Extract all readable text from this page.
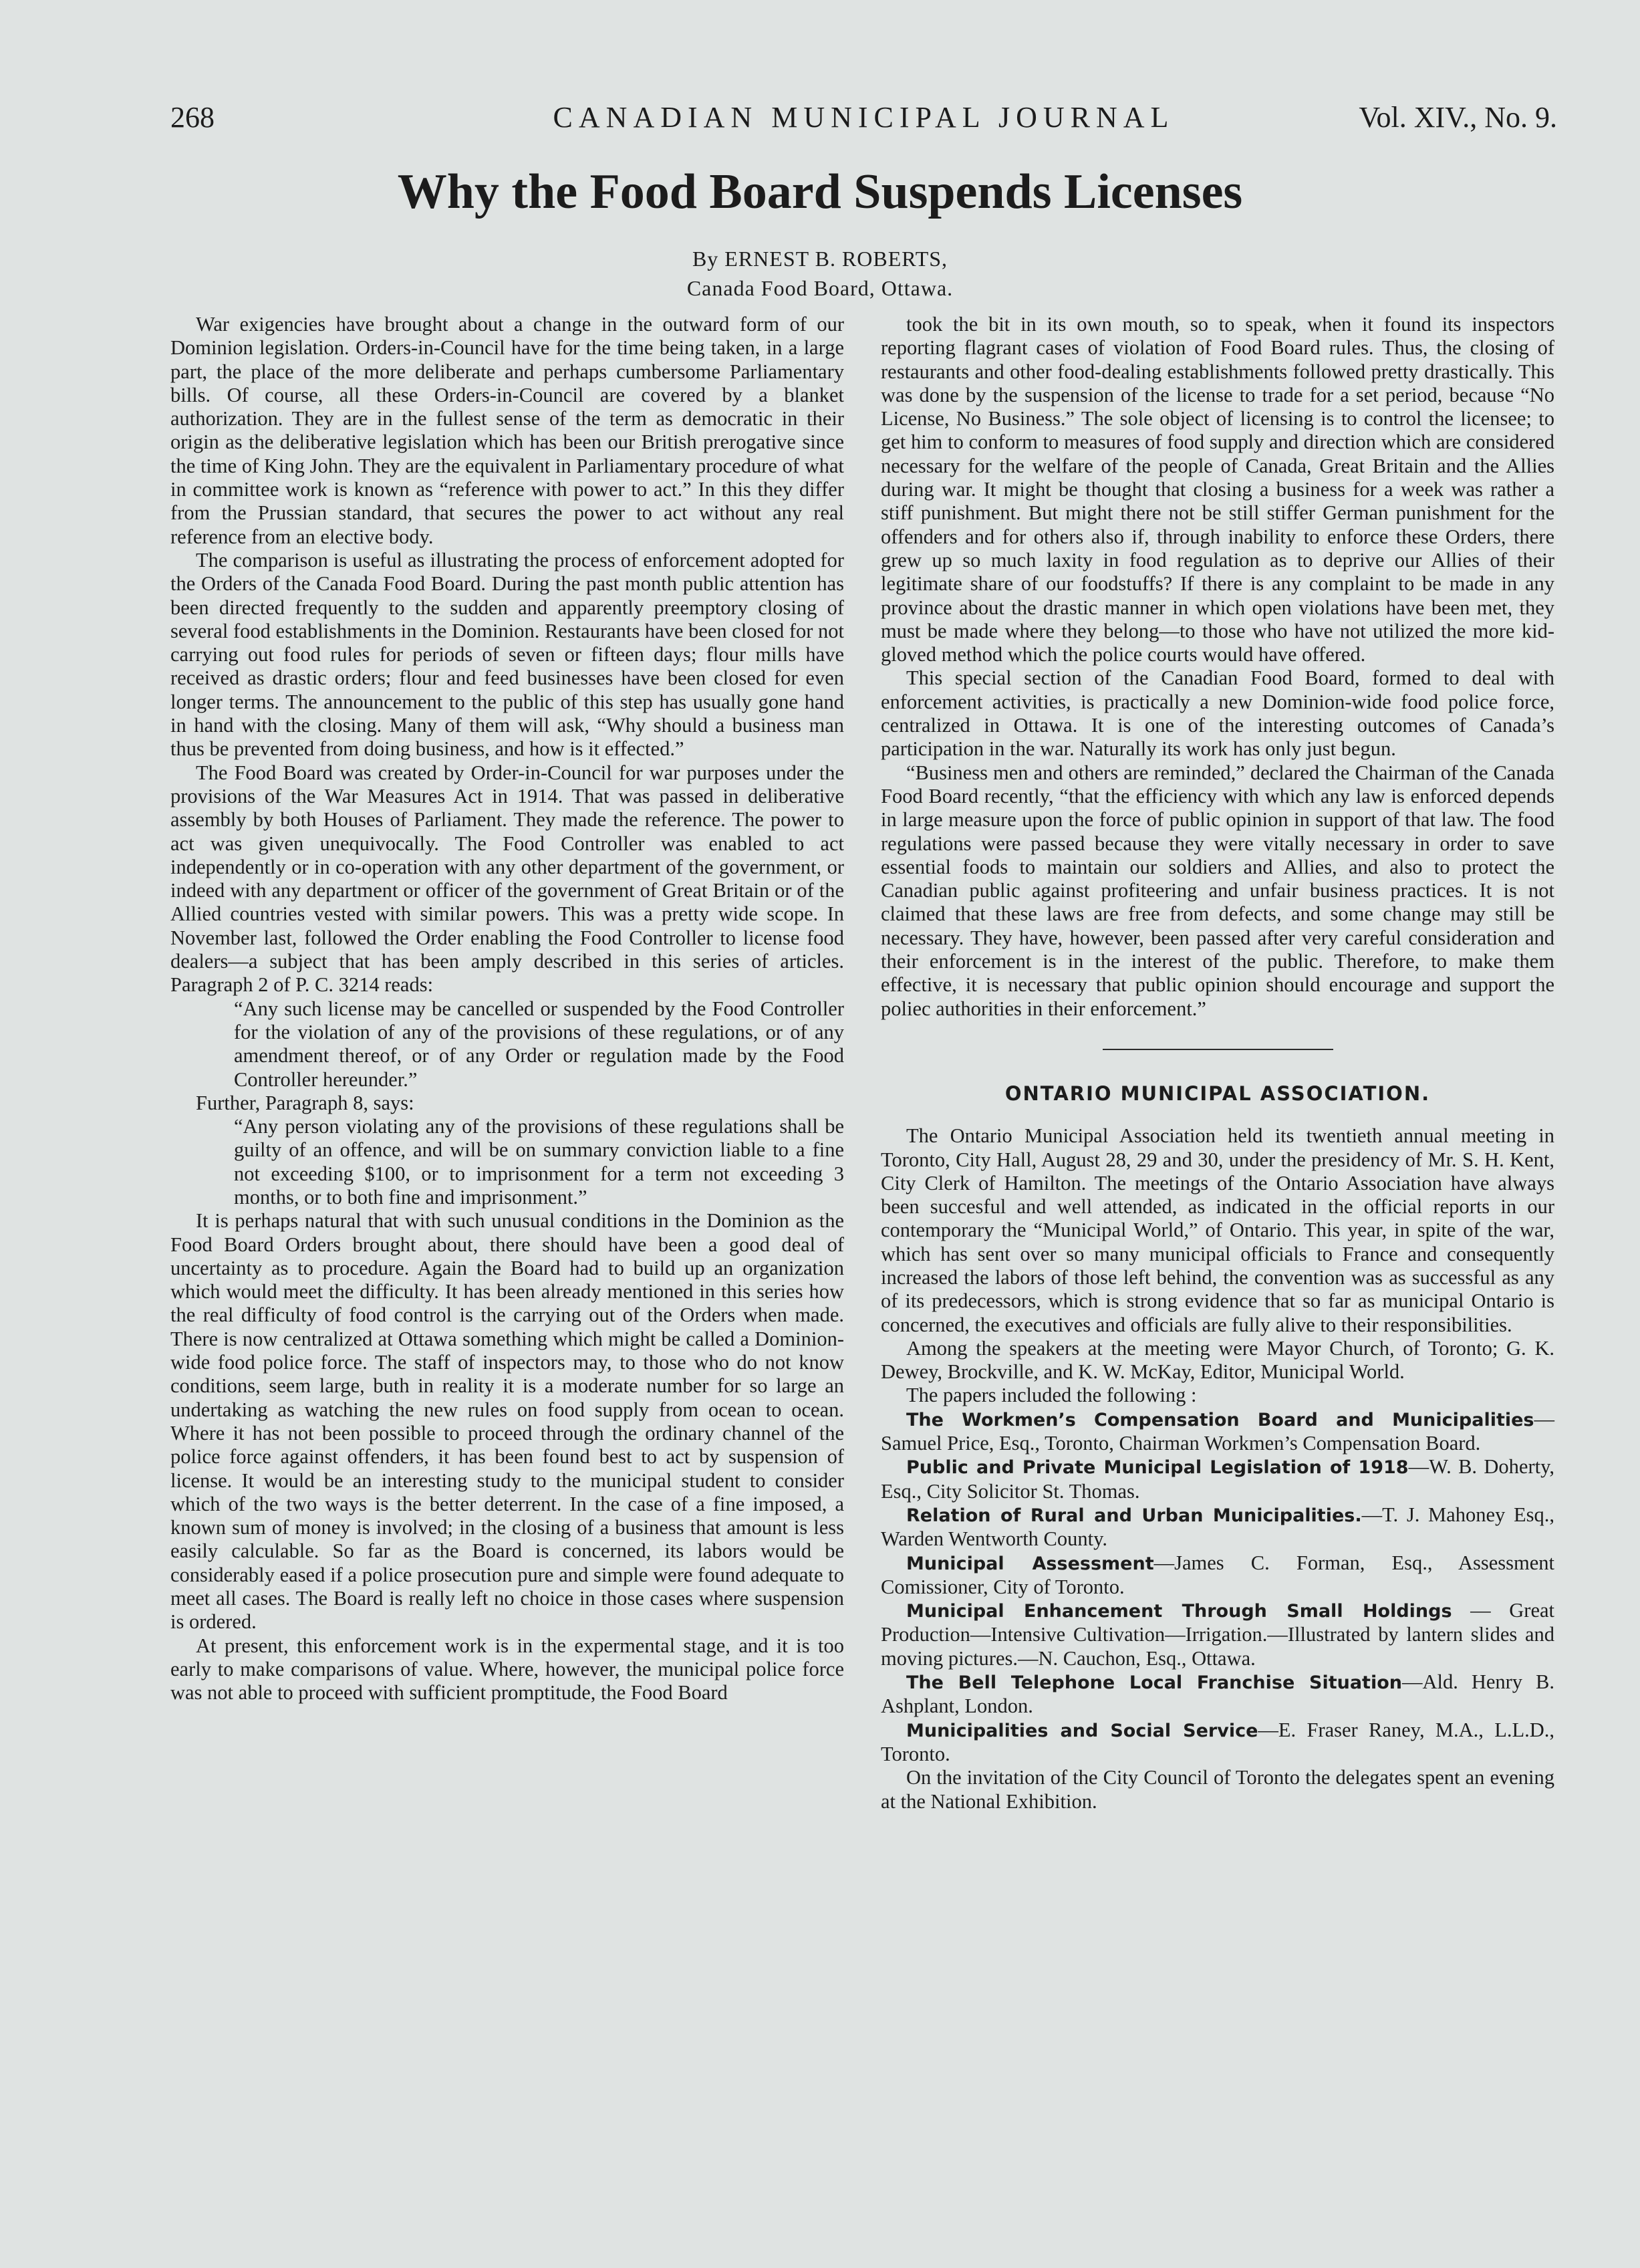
268	CANADIAN MUNICIPAL JOURNAL	Vol. XIV., No. 9.
Why the Food Board Suspends Licenses
By ERNEST B. ROBERTS,
Canada Food Board, Ottawa.

War exigencies have brought about a change in the outward form of our Dominion legislation. Orders-in-Council have for the time being taken, in a large part, the place of the more deliberate and perhaps cumbersome Parliamentary bills. Of course, all these Orders-in-Council are covered by a blanket authorization. They are in the fullest sense of the term as democratic in their origin as the deliberative legislation which has been our British prerogative since the time of King John. They are the equivalent in Parliamentary procedure of what in committee work is known as “reference with power to act.” In this they differ from the Prussian standard, that secures the power to act without any real reference from an elective body.

The comparison is useful as illustrating the process of enforcement adopted for the Orders of the Canada Food Board. During the past month public attention has been directed frequently to the sudden and apparently preemptory closing of several food establishments in the Dominion. Restaurants have been closed for not carrying out food rules for periods of seven or fifteen days; flour mills have received as drastic orders; flour and feed businesses have been closed for even longer terms. The announcement to the public of this step has usually gone hand in hand with the closing. Many of them will ask, “Why should a business man thus be prevented from doing business, and how is it effected.”

The Food Board was created by Order-in-Council for war purposes under the provisions of the War Measures Act in 1914. That was passed in deliberative assembly by both Houses of Parliament. They made the reference. The power to act was given unequivocally. The Food Controller was enabled to act independently or in co-operation with any other department of the government, or indeed with any department or officer of the government of Great Britain or of the Allied countries vested with similar powers. This was a pretty wide scope. In November last, followed the Order enabling the Food Controller to license food dealers—a subject that has been amply described in this series of articles. Paragraph 2 of P. C. 3214 reads:

“Any such license may be cancelled or suspended by the Food Controller for the violation of any of the provisions of these regulations, or of any amendment thereof, or of any Order or regulation made by the Food Controller hereunder.”

Further, Paragraph 8, says:

“Any person violating any of the provisions of these regulations shall be guilty of an offence, and will be on summary conviction liable to a fine not exceeding $100, or to imprisonment for a term not exceeding 3 months, or to both fine and imprisonment.”

It is perhaps natural that with such unusual conditions in the Dominion as the Food Board Orders brought about, there should have been a good deal of uncertainty as to procedure. Again the Board had to build up an organization which would meet the difficulty. It has been already mentioned in this series how the real difficulty of food control is the carrying out of the Orders when made. There is now centralized at Ottawa something which might be called a Dominion-wide food police force. The staff of inspectors may, to those who do not know conditions, seem large, buth in reality it is a moderate number for so large an undertaking as watching the new rules on food supply from ocean to ocean. Where it has not been possible to proceed through the ordinary channel of the police force against offenders, it has been found best to act by suspension of license. It would be an interesting study to the municipal student to consider which of the two ways is the better deterrent. In the case of a fine imposed, a known sum of money is involved; in the closing of a business that amount is less easily calculable. So far as the Board is concerned, its labors would be considerably eased if a police prosecution pure and simple were found adequate to meet all cases. The Board is really left no choice in those cases where suspension is ordered.

At present, this enforcement work is in the expermental stage, and it is too early to make comparisons of value. Where, however, the municipal police force was not able to proceed with sufficient promptitude, the Food Board

took the bit in its own mouth, so to speak, when it found its inspectors reporting flagrant cases of violation of Food Board rules. Thus, the closing of restaurants and other food-dealing establishments followed pretty drastically. This was done by the suspension of the license to trade for a set period, because “No License, No Business.” The sole object of licensing is to control the licensee; to get him to conform to measures of food supply and direction which are considered necessary for the welfare of the people of Canada, Great Britain and the Allies during war. It might be thought that closing a business for a week was rather a stiff punishment. But might there not be still stiffer German punishment for the offenders and for others also if, through inability to enforce these Orders, there grew up so much laxity in food regulation as to deprive our Allies of their legitimate share of our foodstuffs? If there is any complaint to be made in any province about the drastic manner in which open violations have been met, they must be made where they belong—to those who have not utilized the more kid-gloved method which the police courts would have offered.

This special section of the Canadian Food Board, formed to deal with enforcement activities, is practically a new Dominion-wide food police force, centralized in Ottawa. It is one of the interesting outcomes of Canada’s participation in the war. Naturally its work has only just begun.

“Business men and others are reminded,” declared the Chairman of the Canada Food Board recently, “that the efficiency with which any law is enforced depends in large measure upon the force of public opinion in support of that law. The food regulations were passed because they were vitally necessary in order to save essential foods to maintain our soldiers and Allies, and also to protect the Canadian public against profiteering and unfair business practices. It is not claimed that these laws are free from defects, and some change may still be necessary. They have, however, been passed after very careful consideration and their enforcement is in the interest of the public. Therefore, to make them effective, it is necessary that public opinion should encourage and support the poliec authorities in their enforcement.”

ONTARIO MUNICIPAL ASSOCIATION.

The Ontario Municipal Association held its twentieth annual meeting in Toronto, City Hall, August 28, 29 and 30, under the presidency of Mr. S. H. Kent, City Clerk of Hamilton. The meetings of the Ontario Association have always been succesful and well attended, as indicated in the official reports in our contemporary the “Municipal World,” of Ontario. This year, in spite of the war, which has sent over so many municipal officials to France and consequently increased the labors of those left behind, the convention was as successful as any of its predecessors, which is strong evidence that so far as municipal Ontario is concerned, the executives and officials are fully alive to their responsibilities.

Among the speakers at the meeting were Mayor Church, of Toronto; G. K. Dewey, Brockville, and K. W. McKay, Editor, Municipal World.

The papers included the following :

The Workmen’s Compensation Board and Municipalities—Samuel Price, Esq., Toronto, Chairman Workmen’s Compensation Board.

Public and Private Municipal Legislation of 1918—W. B. Doherty, Esq., City Solicitor St. Thomas.

Relation of Rural and Urban Municipalities.—T. J. Mahoney Esq., Warden Wentworth County.

Municipal Assessment—James C. Forman, Esq., Assessment Comissioner, City of Toronto.

Municipal Enhancement Through Small Holdings — Great Production—Intensive Cultivation—Irrigation.—Illustrated by lantern slides and moving pictures.—N. Cauchon, Esq., Ottawa.

The Bell Telephone Local Franchise Situation—Ald. Henry B. Ashplant, London.

Municipalities and Social Service—E. Fraser Raney, M.A., L.L.D., Toronto.

On the invitation of the City Council of Toronto the delegates spent an evening at the National Exhibition.
